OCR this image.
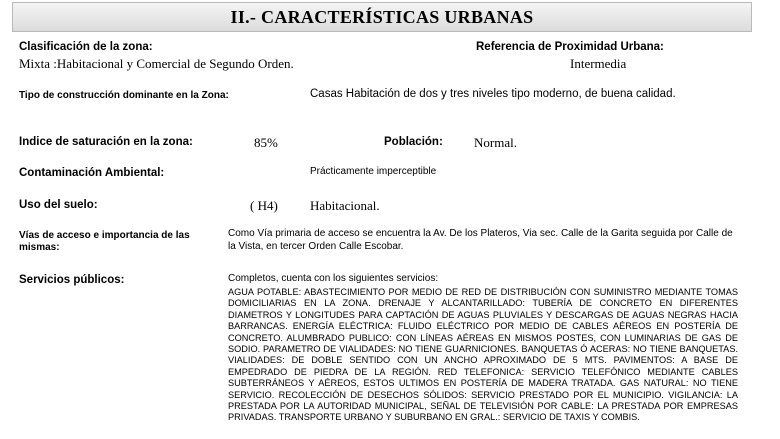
II.- CARACTERÍSTICAS URBANAS
Clasificación de la zona:
Mixta :Habitacional y Comercial de Segundo Orden.
Referencia de Proximidad Urbana:
Intermedia
Tipo de construcción dominante en la Zona:	Casas Habitación de dos y tres niveles tipo moderno, de buena calidad.
Indice de saturación en la zona:	85%	Población: Normal.
Contaminación Ambiental:	Prácticamente imperceptible
Uso del suelo:	( H4) Habitacional.
Vías de acceso e importancia de las mismas:
Como Vía primaria de acceso se encuentra la Av. De los Plateros, Via sec. Calle de la Garita seguida por Calle de la Vista, en tercer Orden Calle Escobar.
Servicios públicos:	Completos, cuenta con los siguientes servicios:
AGUA POTABLE: ABASTECIMIENTO POR MEDIO DE RED DE DISTRIBUCIÓN CON SUMINISTRO MEDIANTE TOMAS DOMICILIARIAS EN LA ZONA. DRENAJE Y ALCANTARILLADO: TUBERÍA DE CONCRETO EN DIFERENTES DIAMETROS Y LONGITUDES PARA CAPTACIÓN DE AGUAS PLUVIALES Y DESCARGAS DE AGUAS NEGRAS HACIA BARRANCAS. ENERGÍA ELÉCTRICA: FLUIDO ELÉCTRICO POR MEDIO DE CABLES AÉREOS EN POSTERÍA DE CONCRETO. ALUMBRADO PUBLICO: CON LÍNEAS AÉREAS EN MISMOS POSTES, CON LUMINARIAS DE GAS DE SODIO. PARAMETRO DE VIALIDADES: NO TIENE GUARNICIONES. BANQUETAS Ó ACERAS: NO TIENE BANQUETAS. VIALIDADES: DE DOBLE SENTIDO CON UN ANCHO APROXIMADO DE 5 MTS. PAVIMENTOS: A BASE DE EMPEDRADO DE PIEDRA DE LA REGIÓN. RED TELEFONICA: SERVICIO TELEFÓNICO MEDIANTE CABLES SUBTERRÁNEOS Y AÉREOS, ESTOS ULTIMOS EN POSTERÍA DE MADERA TRATADA. GAS NATURAL: NO TIENE SERVICIO. RECOLECCIÓN DE DESECHOS SÓLIDOS: SERVICIO PRESTADO POR EL MUNICIPIO. VIGILANCIA: LA PRESTADA POR LA AUTORIDAD MUNICIPAL, SEÑAL DE TELEVISIÓN POR CABLE: LA PRESTADA POR EMPRESAS PRIVADAS. TRANSPORTE URBANO Y SUBURBANO EN GRAL.: SERVICIO DE TAXIS Y COMBIS.
